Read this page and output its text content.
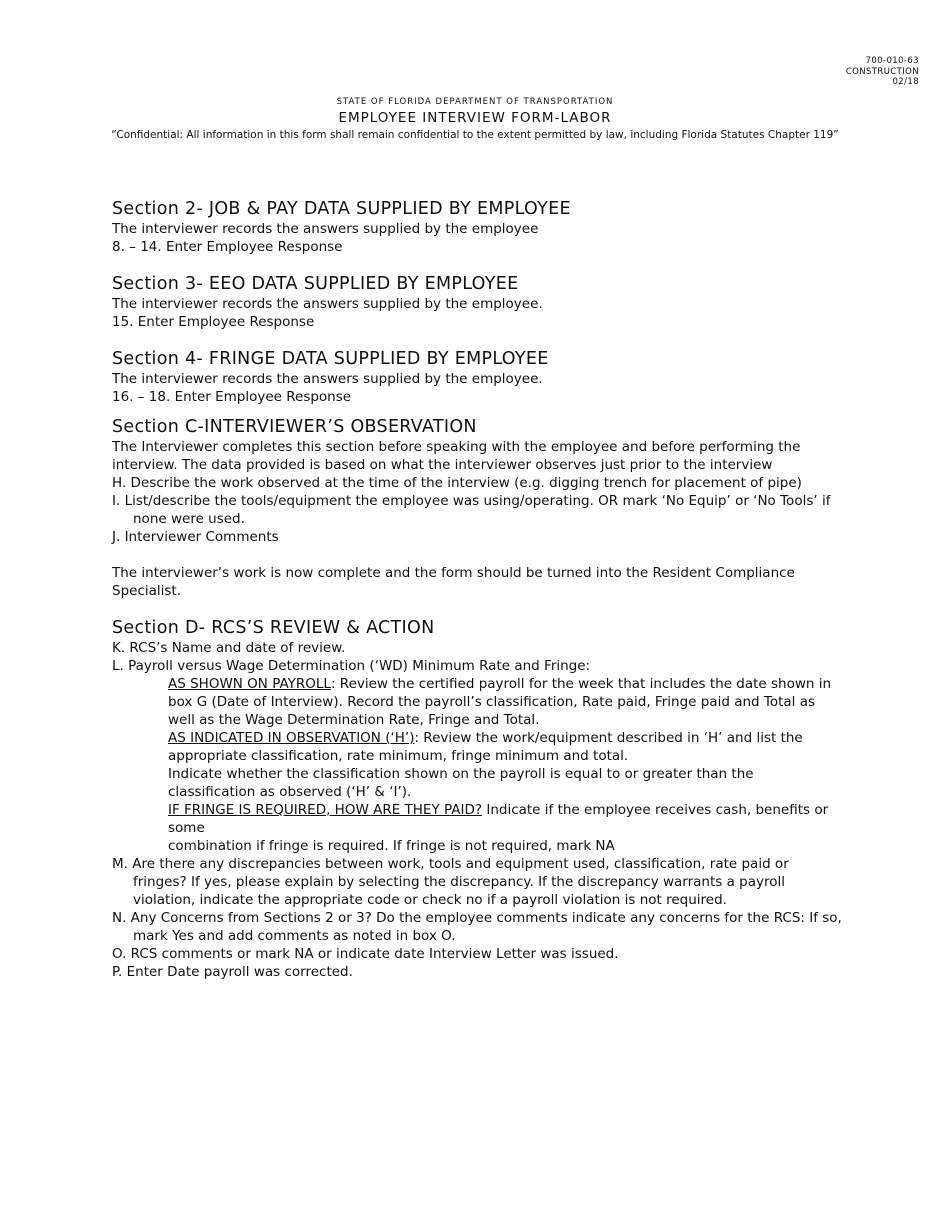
700-010-63
CONSTRUCTION
02/18
STATE OF FLORIDA DEPARTMENT OF TRANSPORTATION
EMPLOYEE INTERVIEW FORM-LABOR
“Confidential: All information in this form shall remain confidential to the extent permitted by law, including Florida Statutes Chapter 119”
Section 2- JOB & PAY DATA SUPPLIED BY EMPLOYEE

The interviewer records the answers supplied by the employee

8. – 14. Enter Employee Response

Section 3- EEO DATA SUPPLIED BY EMPLOYEE

The interviewer records the answers supplied by the employee.

15. Enter Employee Response

Section 4- FRINGE DATA SUPPLIED BY EMPLOYEE

The interviewer records the answers supplied by the employee.

16. – 18. Enter Employee Response

Section C-INTERVIEWER’S OBSERVATION

The Interviewer completes this section before speaking with the employee and before performing the interview. The data provided is based on what the interviewer observes just prior to the interview

H. Describe the work observed at the time of the interview (e.g. digging trench for placement of pipe)

I. List/describe the tools/equipment the employee was using/operating. OR mark ‘No Equip’ or ‘No Tools’ if none were used.

J. Interviewer Comments

The interviewer’s work is now complete and the form should be turned into the Resident Compliance Specialist.

Section D- RCS’S REVIEW & ACTION

K. RCS’s Name and date of review.

L. Payroll versus Wage Determination (‘WD) Minimum Rate and Fringe:

AS SHOWN ON PAYROLL: Review the certified payroll for the week that includes the date shown in box G (Date of Interview). Record the payroll’s classification, Rate paid, Fringe paid and Total as well as the Wage Determination Rate, Fringe and Total.

AS INDICATED IN OBSERVATION (‘H’): Review the work/equipment described in ‘H’ and list the appropriate classification, rate minimum, fringe minimum and total.

Indicate whether the classification shown on the payroll is equal to or greater than the classification as observed (‘H’ & ‘I’).

IF FRINGE IS REQUIRED, HOW ARE THEY PAID? Indicate if the employee receives cash, benefits or some

combination if fringe is required. If fringe is not required, mark NA

M. Are there any discrepancies between work, tools and equipment used, classification, rate paid or fringes? If yes, please explain by selecting the discrepancy. If the discrepancy warrants a payroll violation, indicate the appropriate code or check no if a payroll violation is not required.

N. Any Concerns from Sections 2 or 3? Do the employee comments indicate any concerns for the RCS: If so, mark Yes and add comments as noted in box O.

O. RCS comments or mark NA or indicate date Interview Letter was issued.

P. Enter Date payroll was corrected.
